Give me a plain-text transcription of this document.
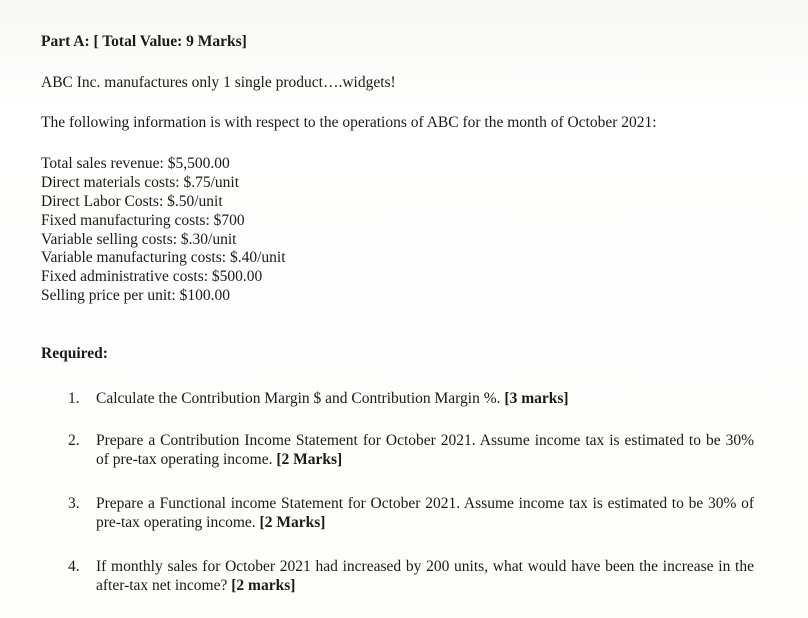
Part A: [ Total Value: 9 Marks]
ABC Inc. manufactures only 1 single product….widgets!
The following information is with respect to the operations of ABC for the month of October 2021:
Total sales revenue: $5,500.00
Direct materials costs: $.75/unit
Direct Labor Costs: $.50/unit
Fixed manufacturing costs: $700
Variable selling costs: $.30/unit
Variable manufacturing costs: $.40/unit
Fixed administrative costs: $500.00
Selling price per unit: $100.00
Required:
1. Calculate the Contribution Margin $ and Contribution Margin %. [3 marks]
2. Prepare a Contribution Income Statement for October 2021. Assume income tax is estimated to be 30% of pre-tax operating income. [2 Marks]
3. Prepare a Functional income Statement for October 2021. Assume income tax is estimated to be 30% of pre-tax operating income. [2 Marks]
4. If monthly sales for October 2021 had increased by 200 units, what would have been the increase in the after-tax net income? [2 marks]
